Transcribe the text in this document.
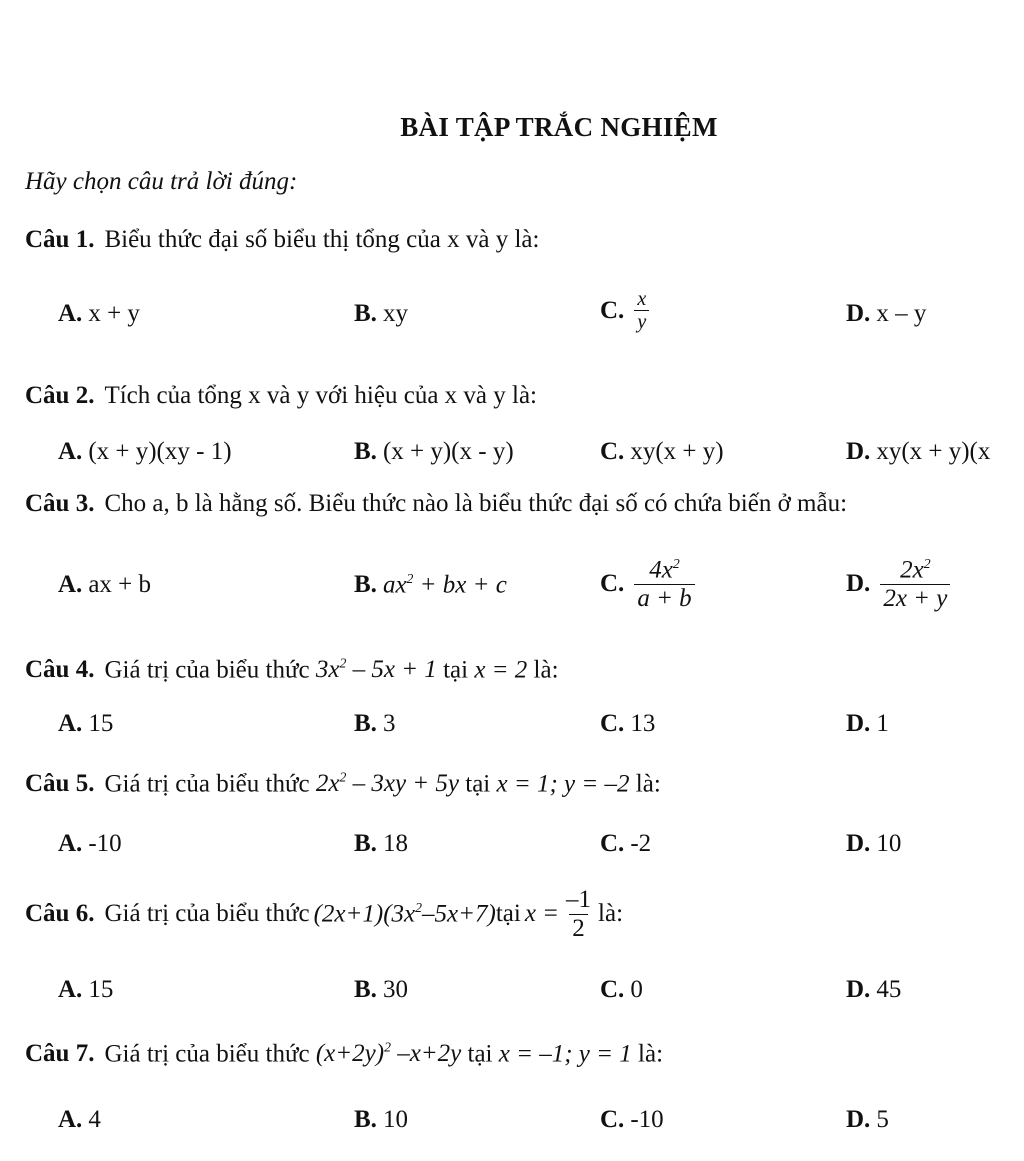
BÀI TẬP TRẮC NGHIỆM
Hãy chọn câu trả lời đúng:
Câu 1. Biểu thức đại số biểu thị tổng của x và y là:
A. x + y	B. xy	C. $\frac{x}{y}$	D. x – y
Câu 2. Tích của tổng x và y với hiệu của x và y là:
A. (x + y)(xy - 1)	B. (x + y)(x - y)	C. xy(x + y)	D. xy(x + y)(x
Câu 3. Cho a, b là hằng số. Biểu thức nào là biểu thức đại số có chứa biến ở mẫu:
A. ax + b	B. $ax^2$ + bx + c	C. $\frac{4x^2}{a + b}$	D. $\frac{2x^2}{2x + y}$
Câu 4. Giá trị của biểu thức $3x^2 - 5x + 1$ tại x = 2 là:
A. 15	B. 3	C. 13	D. 1
Câu 5. Giá trị của biểu thức $2x^2 - 3xy + 5y$ tại x = 1; y = –2 là:
A. -10	B. 18	C. -2	D. 10
Câu 6. Giá trị của biểu thức $(2x+1)(3x^2-5x+7)$ tại $x = \frac{-1}{2}$ là:
A. 15	B. 30	C. 0	D. 45
Câu 7. Giá trị của biểu thức $(x+2y)^2$ –x+2y tại x = –1; y = 1 là:
A. 4	B. 10	C. -10	D. 5
